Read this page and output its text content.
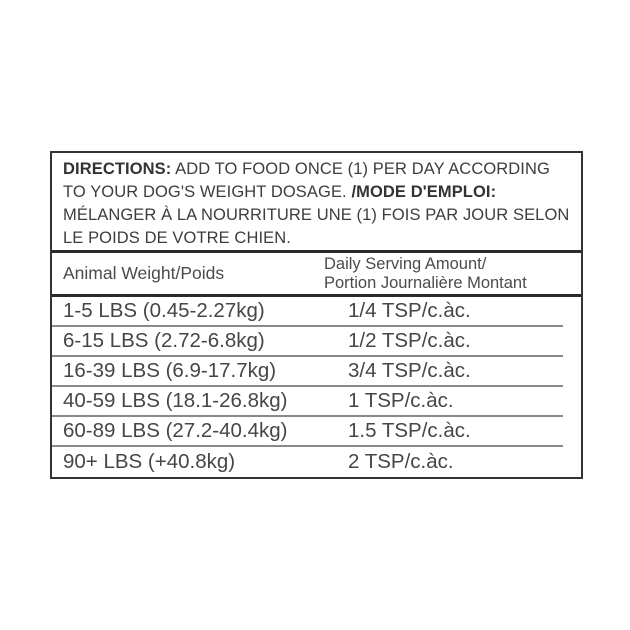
DIRECTIONS: ADD TO FOOD ONCE (1) PER DAY ACCORDING TO YOUR DOG'S WEIGHT DOSAGE. /MODE D'EMPLOI: MÉLANGER À LA NOURRITURE UNE (1) FOIS PAR JOUR SELON LE POIDS DE VOTRE CHIEN.

Animal Weight/Poids	Daily Serving Amount/
Portion Journalière Montant
1-5 LBS (0.45-2.27kg)	1/4 TSP/c.àc.
6-15 LBS (2.72-6.8kg)	1/2 TSP/c.àc.
16-39 LBS (6.9-17.7kg)	3/4 TSP/c.àc.
40-59 LBS (18.1-26.8kg)	1 TSP/c.àc.
60-89 LBS (27.2-40.4kg)	1.5 TSP/c.àc.
90+ LBS (+40.8kg)	2 TSP/c.àc.
